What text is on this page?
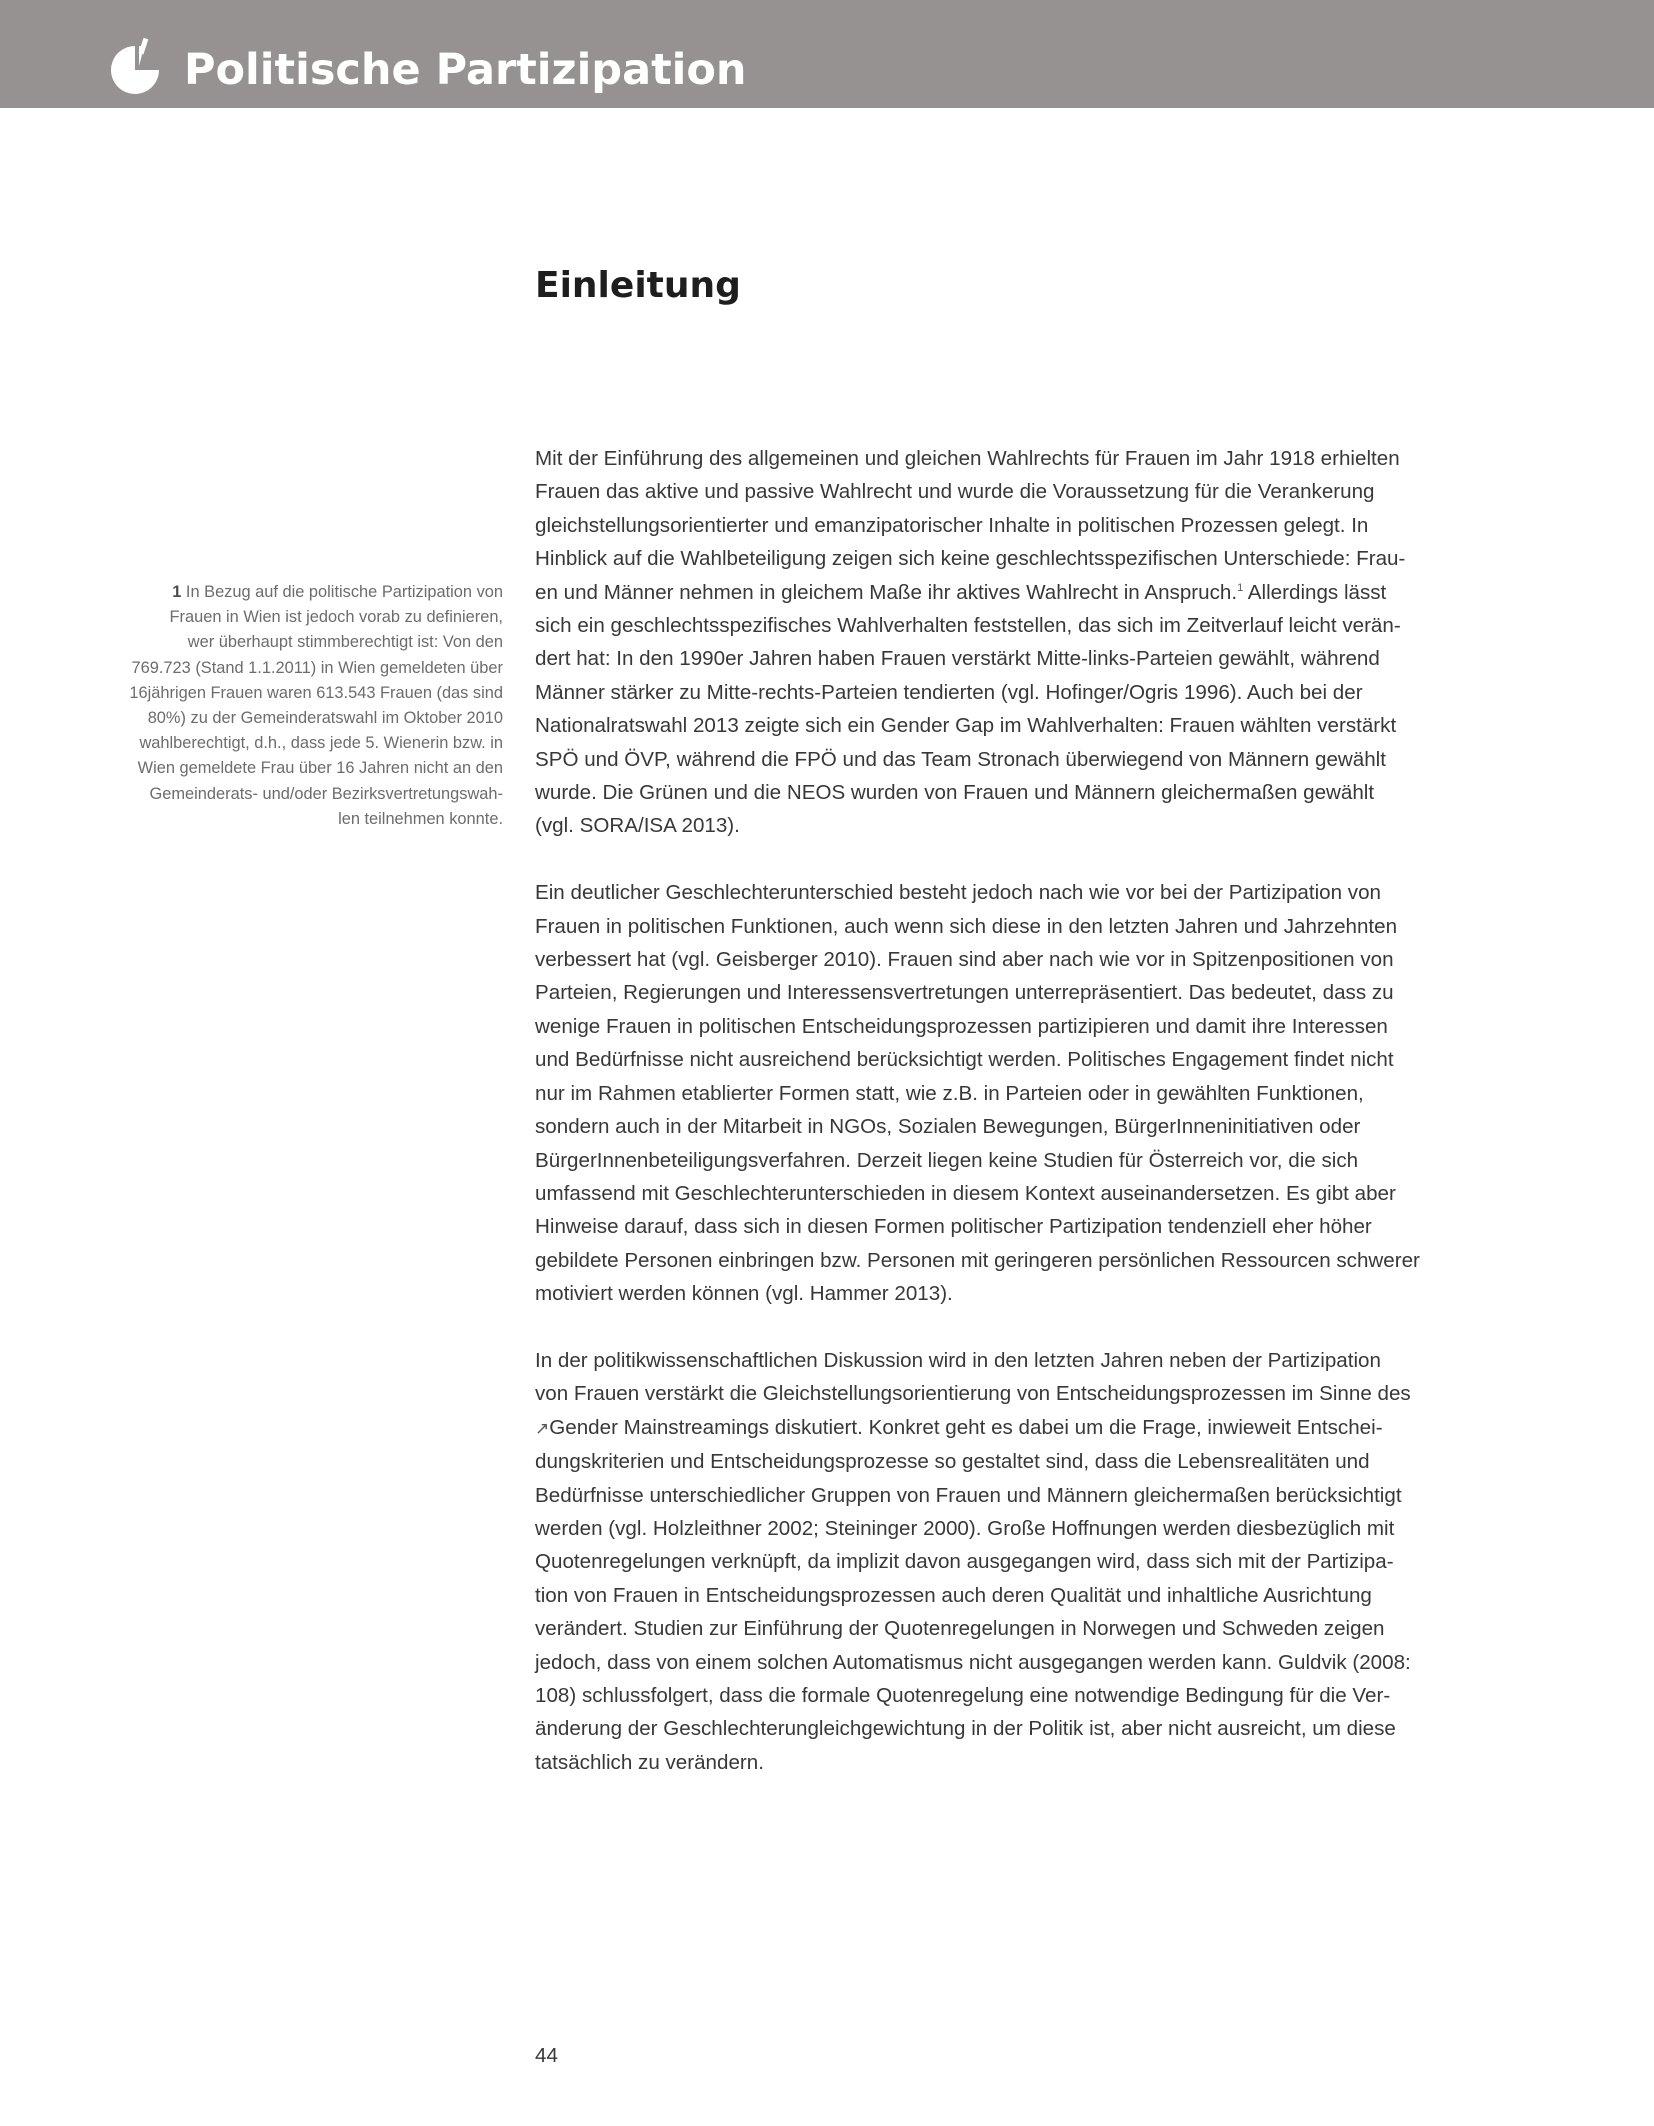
Politische Partizipation
Einleitung
1 In Bezug auf die politische Partizipation von
Frauen in Wien ist jedoch vorab zu definieren,
wer überhaupt stimmberechtigt ist: Von den
769.723 (Stand 1.1.2011) in Wien gemeldeten über
16jährigen Frauen waren 613.543 Frauen (das sind
80%) zu der Gemeinderatswahl im Oktober 2010
wahlberechtigt, d.h., dass jede 5. Wienerin bzw. in
Wien gemeldete Frau über 16 Jahren nicht an den
Gemeinderats- und/oder Bezirksvertretungswah-
len teilnehmen konnte.

Mit der Einführung des allgemeinen und gleichen Wahlrechts für Frauen im Jahr 1918 erhielten
Frauen das aktive und passive Wahlrecht und wurde die Voraussetzung für die Verankerung
gleichstellungsorientierter und emanzipatorischer Inhalte in politischen Prozessen gelegt. In
Hinblick auf die Wahlbeteiligung zeigen sich keine geschlechtsspezifischen Unterschiede: Frau-
en und Männer nehmen in gleichem Maße ihr aktives Wahlrecht in Anspruch.$^1$ Allerdings lässt
sich ein geschlechtsspezifisches Wahlverhalten feststellen, das sich im Zeitverlauf leicht verän-
dert hat: In den 1990er Jahren haben Frauen verstärkt Mitte-links-Parteien gewählt, während
Männer stärker zu Mitte-rechts-Parteien tendierten (vgl. Hofinger/Ogris 1996). Auch bei der
Nationalratswahl 2013 zeigte sich ein Gender Gap im Wahlverhalten: Frauen wählten verstärkt
SPÖ und ÖVP, während die FPÖ und das Team Stronach überwiegend von Männern gewählt
wurde. Die Grünen und die NEOS wurden von Frauen und Männern gleichermaßen gewählt
(vgl. SORA/ISA 2013).

Ein deutlicher Geschlechterunterschied besteht jedoch nach wie vor bei der Partizipation von
Frauen in politischen Funktionen, auch wenn sich diese in den letzten Jahren und Jahrzehnten
verbessert hat (vgl. Geisberger 2010). Frauen sind aber nach wie vor in Spitzenpositionen von
Parteien, Regierungen und Interessensvertretungen unterrepräsentiert. Das bedeutet, dass zu
wenige Frauen in politischen Entscheidungsprozessen partizipieren und damit ihre Interessen
und Bedürfnisse nicht ausreichend berücksichtigt werden. Politisches Engagement findet nicht
nur im Rahmen etablierter Formen statt, wie z.B. in Parteien oder in gewählten Funktionen,
sondern auch in der Mitarbeit in NGOs, Sozialen Bewegungen, BürgerInneninitiativen oder
BürgerInnenbeteiligungsverfahren. Derzeit liegen keine Studien für Österreich vor, die sich
umfassend mit Geschlechterunterschieden in diesem Kontext auseinandersetzen. Es gibt aber
Hinweise darauf, dass sich in diesen Formen politischer Partizipation tendenziell eher höher
gebildete Personen einbringen bzw. Personen mit geringeren persönlichen Ressourcen schwerer
motiviert werden können (vgl. Hammer 2013).

In der politikwissenschaftlichen Diskussion wird in den letzten Jahren neben der Partizipation
von Frauen verstärkt die Gleichstellungsorientierung von Entscheidungsprozessen im Sinne des
↗Gender Mainstreamings diskutiert. Konkret geht es dabei um die Frage, inwieweit Entschei-
dungskriterien und Entscheidungsprozesse so gestaltet sind, dass die Lebensrealitäten und
Bedürfnisse unterschiedlicher Gruppen von Frauen und Männern gleichermaßen berücksichtigt
werden (vgl. Holzleithner 2002; Steininger 2000). Große Hoffnungen werden diesbezüglich mit
Quotenregelungen verknüpft, da implizit davon ausgegangen wird, dass sich mit der Partizipa-
tion von Frauen in Entscheidungsprozessen auch deren Qualität und inhaltliche Ausrichtung
verändert. Studien zur Einführung der Quotenregelungen in Norwegen und Schweden zeigen
jedoch, dass von einem solchen Automatismus nicht ausgegangen werden kann. Guldvik (2008:
108) schlussfolgert, dass die formale Quotenregelung eine notwendige Bedingung für die Ver-
änderung der Geschlechterungleichgewichtung in der Politik ist, aber nicht ausreicht, um diese
tatsächlich zu verändern.

44
